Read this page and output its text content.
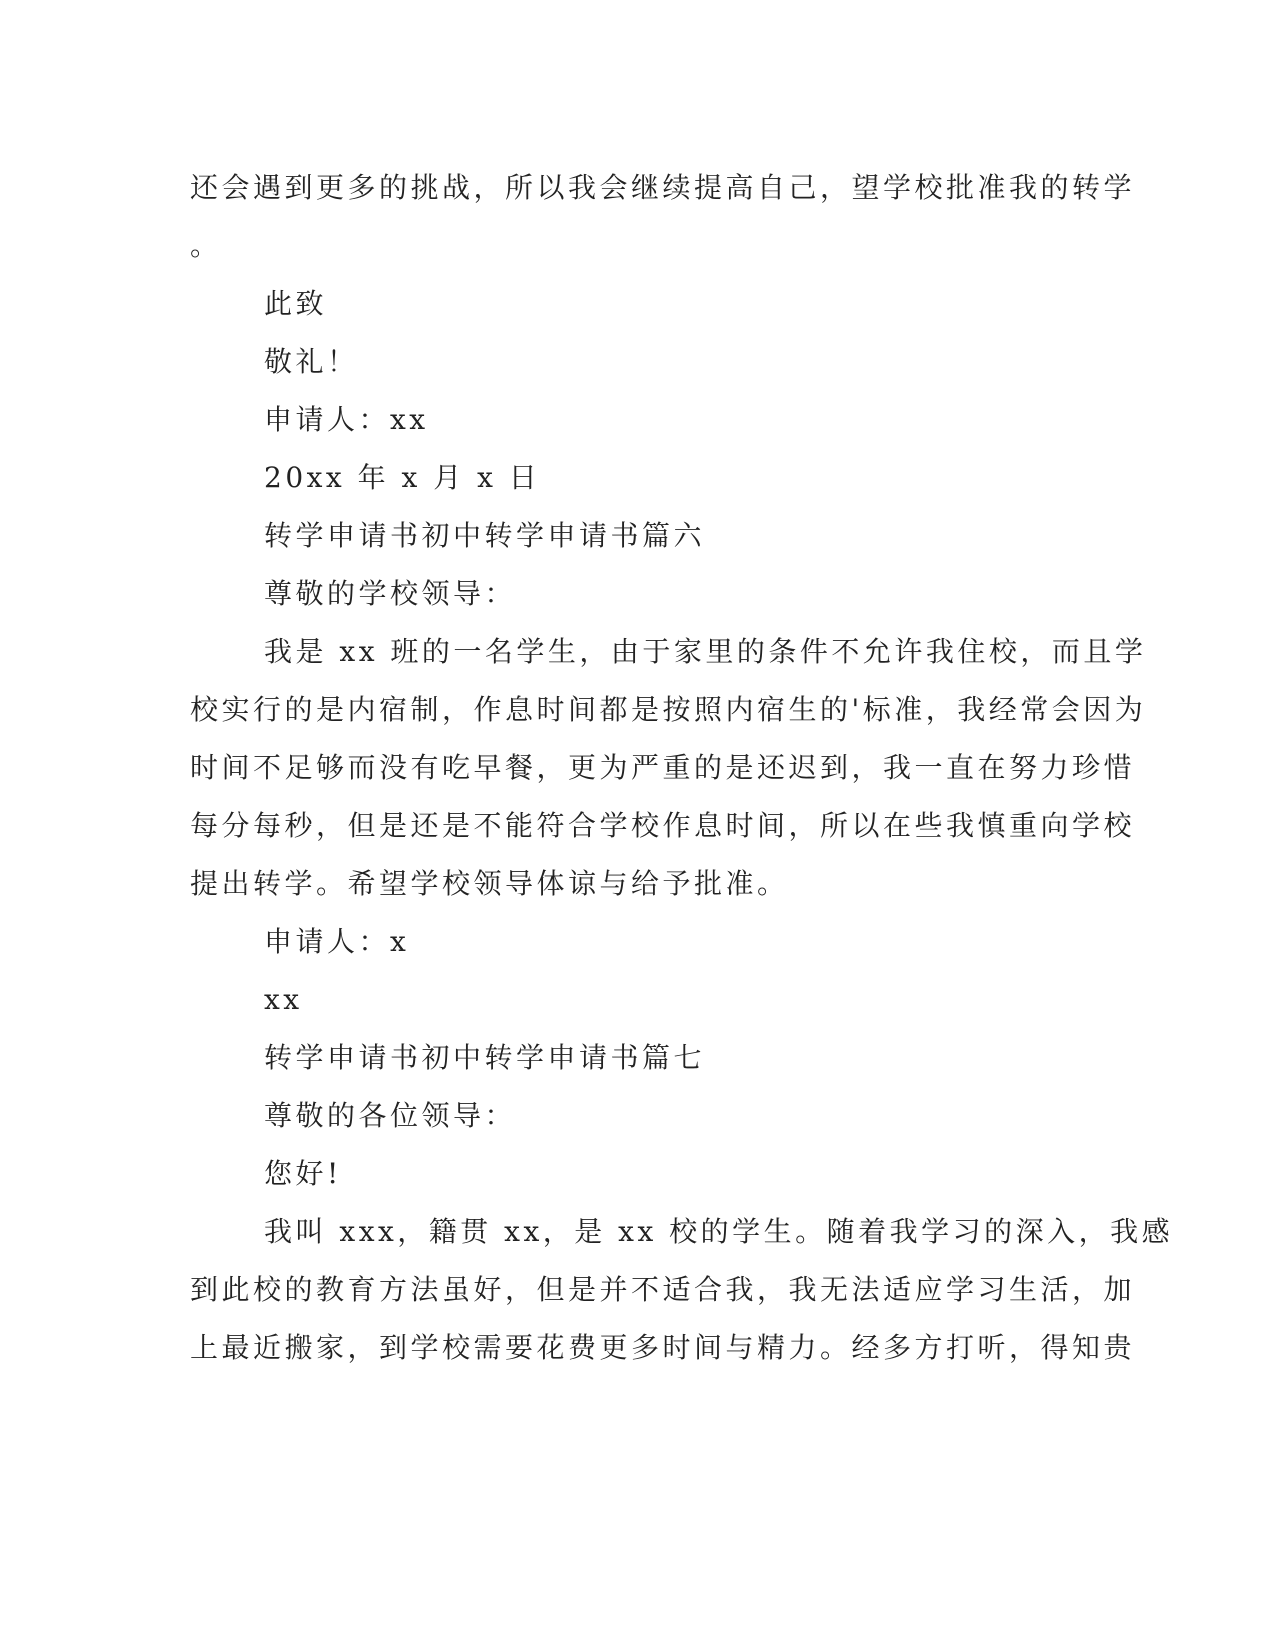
还会遇到更多的挑战，所以我会继续提高自己，望学校批准我的转学
。
此致
敬礼！
申请人：xx
20xx 年 x 月 x 日
转学申请书初中转学申请书篇六
尊敬的学校领导：
我是 xx 班的一名学生，由于家里的条件不允许我住校，而且学
校实行的是内宿制，作息时间都是按照内宿生的'标准，我经常会因为
时间不足够而没有吃早餐，更为严重的是还迟到，我一直在努力珍惜
每分每秒，但是还是不能符合学校作息时间，所以在些我慎重向学校
提出转学。希望学校领导体谅与给予批准。
申请人：x
xx
转学申请书初中转学申请书篇七
尊敬的各位领导：
您好!
我叫 xxx，籍贯 xx，是 xx 校的学生。随着我学习的深入，我感
到此校的教育方法虽好，但是并不适合我，我无法适应学习生活，加
上最近搬家，到学校需要花费更多时间与精力。经多方打听，得知贵
